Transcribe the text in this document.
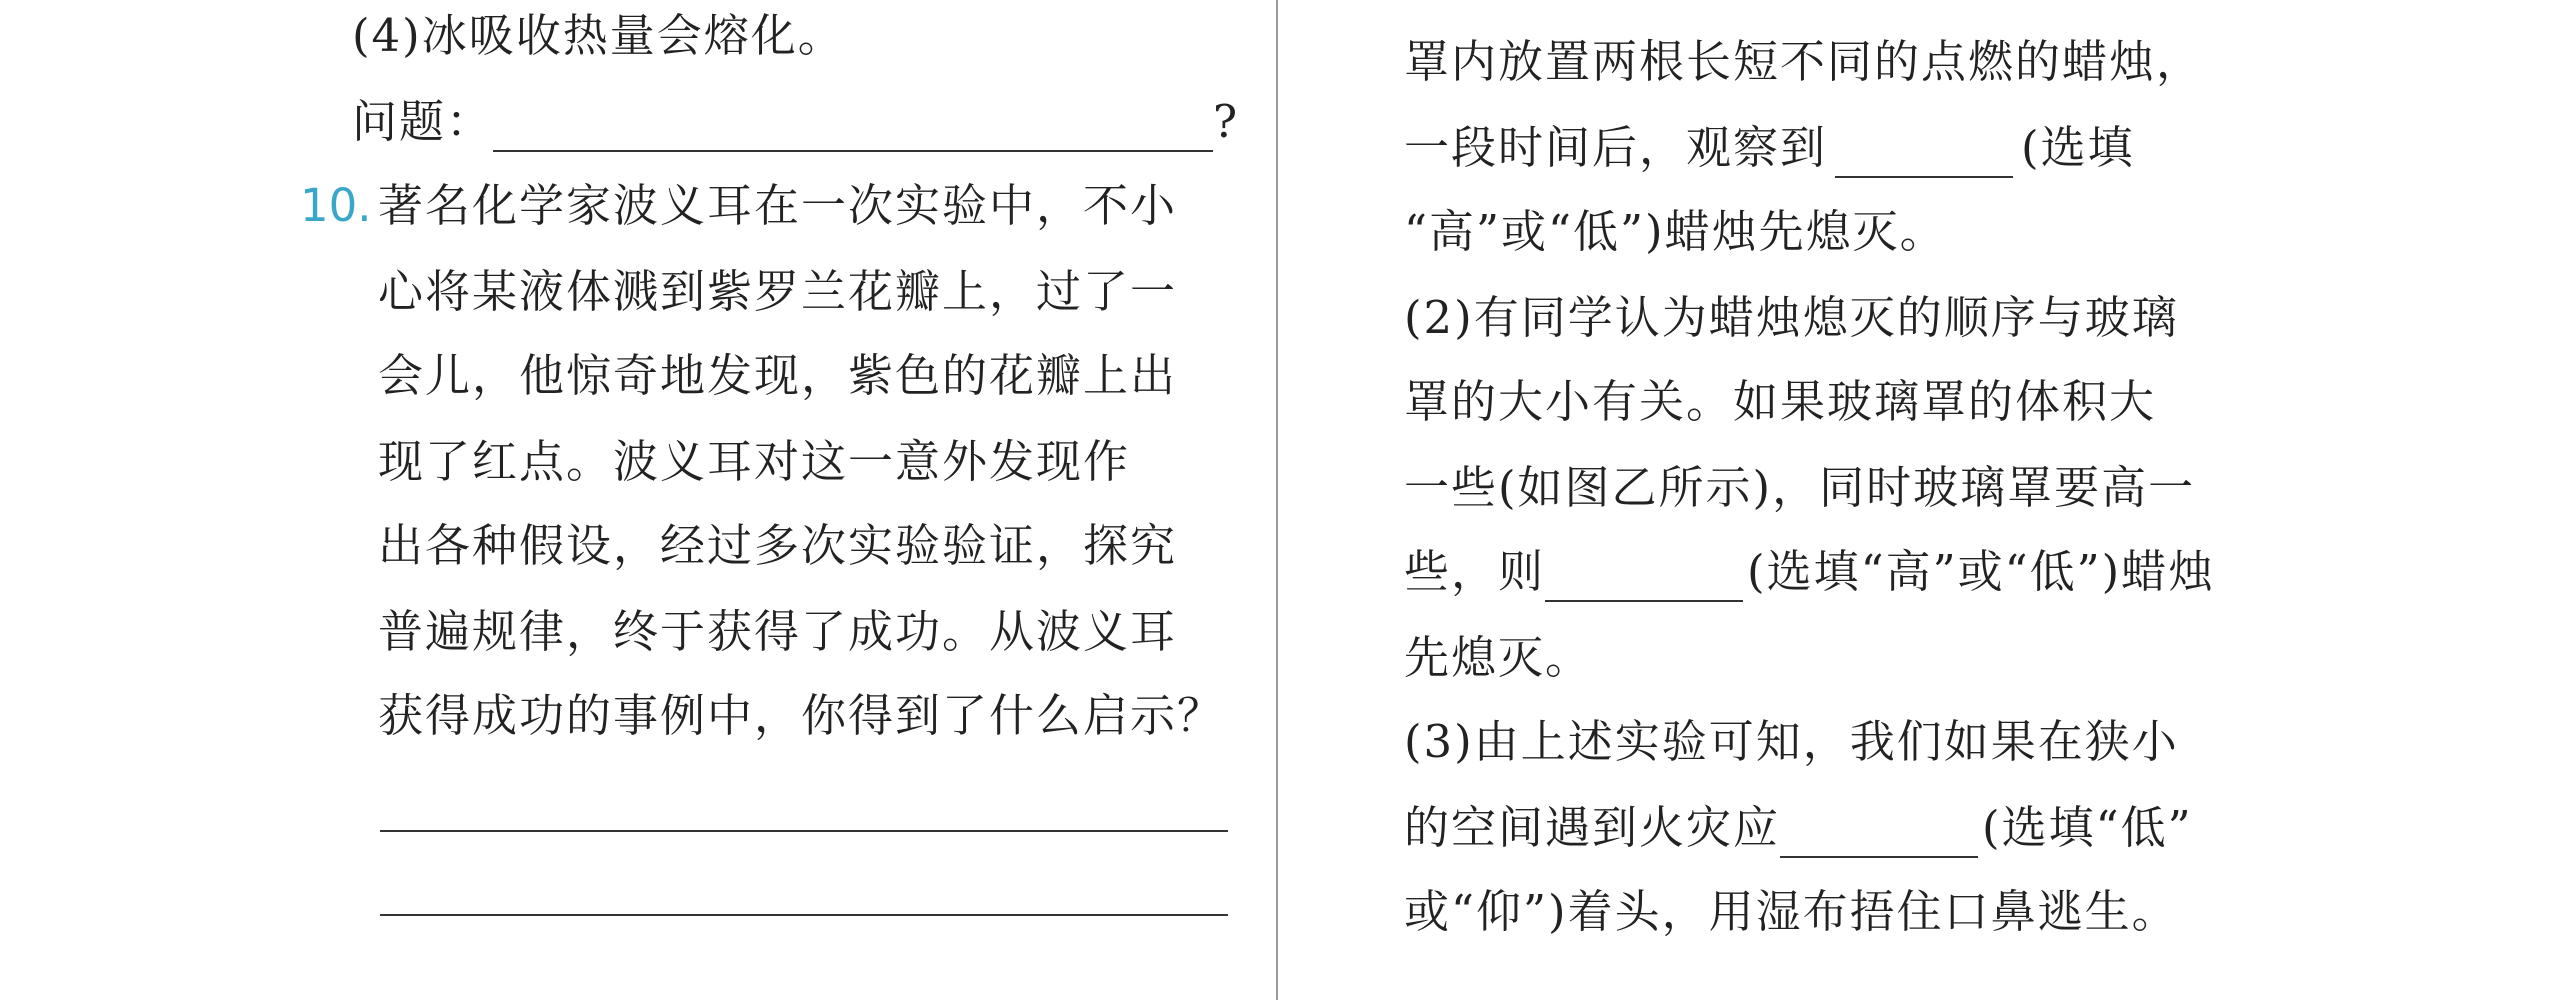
(4)冰吸收热量会熔化。
问题：	?
10. 著名化学家波义耳在一次实验中，不小
心将某液体溅到紫罗兰花瓣上，过了一
会儿，他惊奇地发现，紫色的花瓣上出
现了红点。波义耳对这一意外发现作
出各种假设，经过多次实验验证，探究
普遍规律，终于获得了成功。从波义耳
获得成功的事例中，你得到了什么启示？
罩内放置两根长短不同的点燃的蜡烛，
一段时间后，观察到	(选填
“高”或“低”)蜡烛先熄灭。
(2)有同学认为蜡烛熄灭的顺序与玻璃
罩的大小有关。如果玻璃罩的体积大
一些(如图乙所示)，同时玻璃罩要高一
些，则	(选填“高”或“低”)蜡烛
先熄灭。
(3)由上述实验可知，我们如果在狭小
的空间遇到火灾应	(选填“低”
或“仰”)着头，用湿布捂住口鼻逃生。
